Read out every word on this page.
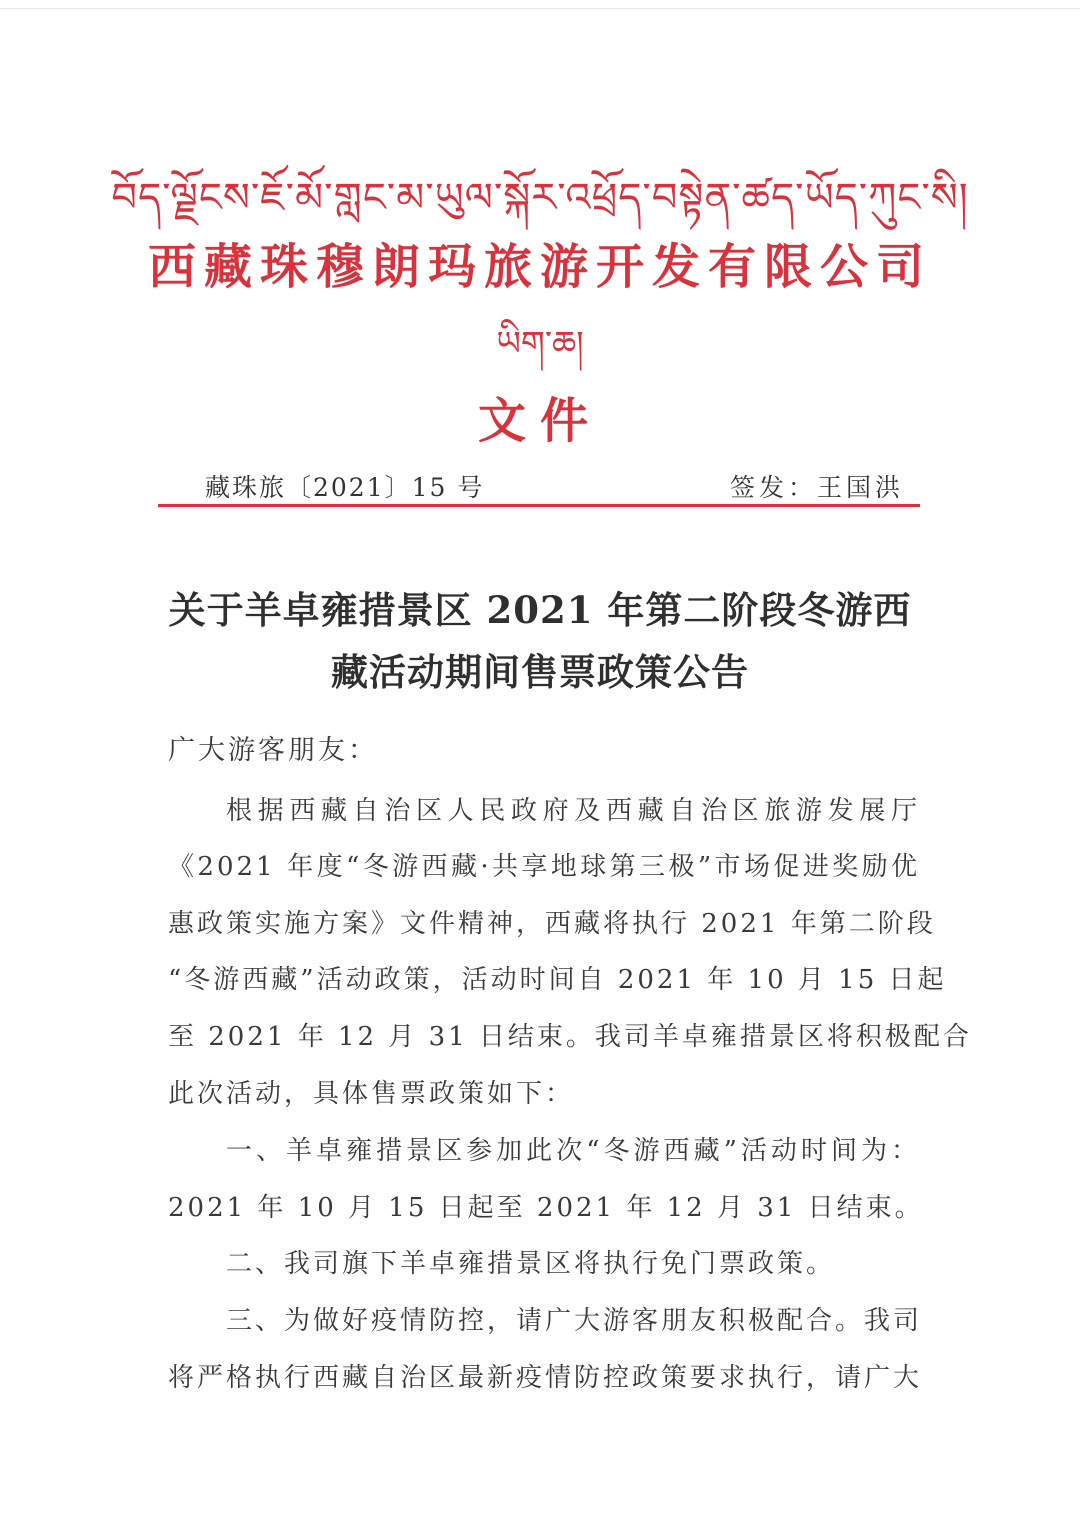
བོད་ལྗོངས་ཇོ་མོ་གླང་མ་ཡུལ་སྐོར་འཕྲོད་བསྟེན་ཚད་ཡོད་ཀུང་སི།
西藏珠穆朗玛旅游开发有限公司
ཡིག་ཆ།
文件
藏珠旅〔2021〕15 号	签发：王国洪
关于羊卓雍措景区 2021 年第二阶段冬游西
藏活动期间售票政策公告
广大游客朋友：
根据西藏自治区人民政府及西藏自治区旅游发展厅
《2021 年度“冬游西藏·共享地球第三极”市场促进奖励优
惠政策实施方案》文件精神，西藏将执行 2021 年第二阶段
“冬游西藏”活动政策，活动时间自 2021 年 10 月 15 日起
至 2021 年 12 月 31 日结束。我司羊卓雍措景区将积极配合
此次活动，具体售票政策如下：
一、羊卓雍措景区参加此次“冬游西藏”活动时间为：
2021 年 10 月 15 日起至 2021 年 12 月 31 日结束。
二、我司旗下羊卓雍措景区将执行免门票政策。
三、为做好疫情防控，请广大游客朋友积极配合。我司
将严格执行西藏自治区最新疫情防控政策要求执行，请广大
